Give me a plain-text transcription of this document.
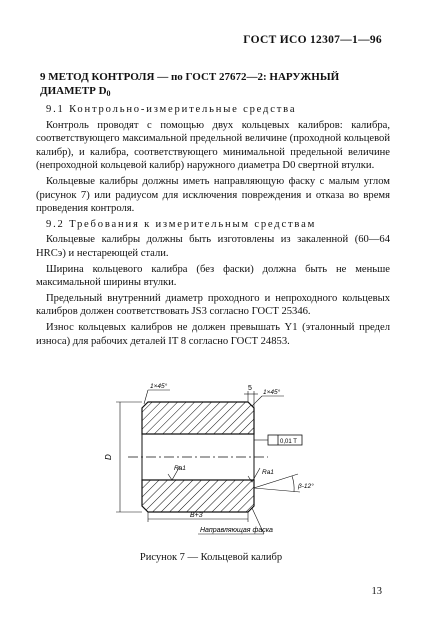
ГОСТ ИСО 12307—1—96
9 МЕТОД КОНТРОЛЯ — по ГОСТ 27672—2: НАРУЖНЫЙ ДИАМЕТР $D_0$

9.1 Контрольно-измерительные средства

Контроль проводят с помощью двух кольцевых калибров: калибра, соответствующего максимальной предельной величине (проходной кольцевой калибр), и калибра, соответствующего минимальной предельной величине (непроходной кольцевой калибр) наружного диаметра D0 свертной втулки.

Кольцевые калибры должны иметь направляющую фаску с малым углом (рисунок 7) или радиусом для исключения повреждения и отказа во время проведения контроля.

9.2 Требования к измерительным средствам

Кольцевые калибры должны быть изготовлены из закаленной (60—64 HRCэ) и нестареющей стали.

Ширина кольцевого калибра (без фаски) должна быть не меньше максимальной ширины втулки.

Предельный внутренний диаметр проходного и непроходного кольцевых калибров должен соответствовать JS3 согласно ГОСТ 25346.

Износ кольцевых калибров не должен превышать Y1 (эталонный предел износа) для рабочих деталей IT 8 согласно ГОСТ 24853.

D
1×45°	5
1×45°
0,01 T
Ra1
Ra1
β-12°
B+3
Направляющая фаска
Рисунок 7 — Кольцевой калибр
13
